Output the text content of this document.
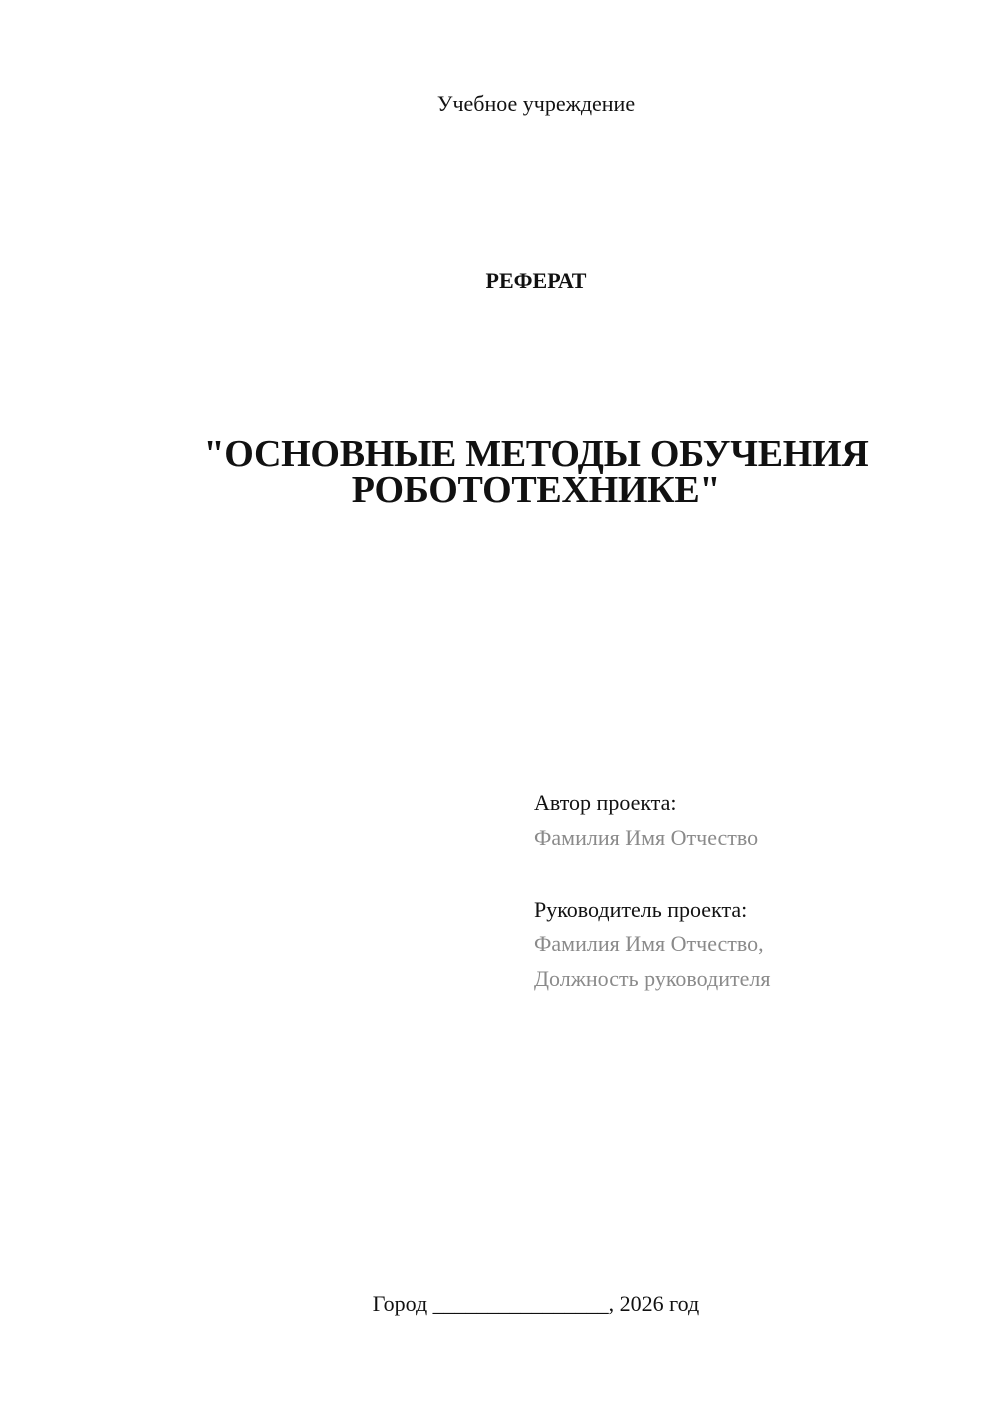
Учебное учреждение
РЕФЕРАТ
"ОСНОВНЫЕ МЕТОДЫ ОБУЧЕНИЯ
РОБОТОТЕХНИКЕ"
Автор проекта:
Фамилия Имя Отчество
Руководитель проекта:
Фамилия Имя Отчество,
Должность руководителя
Город ________________, 2026 год
